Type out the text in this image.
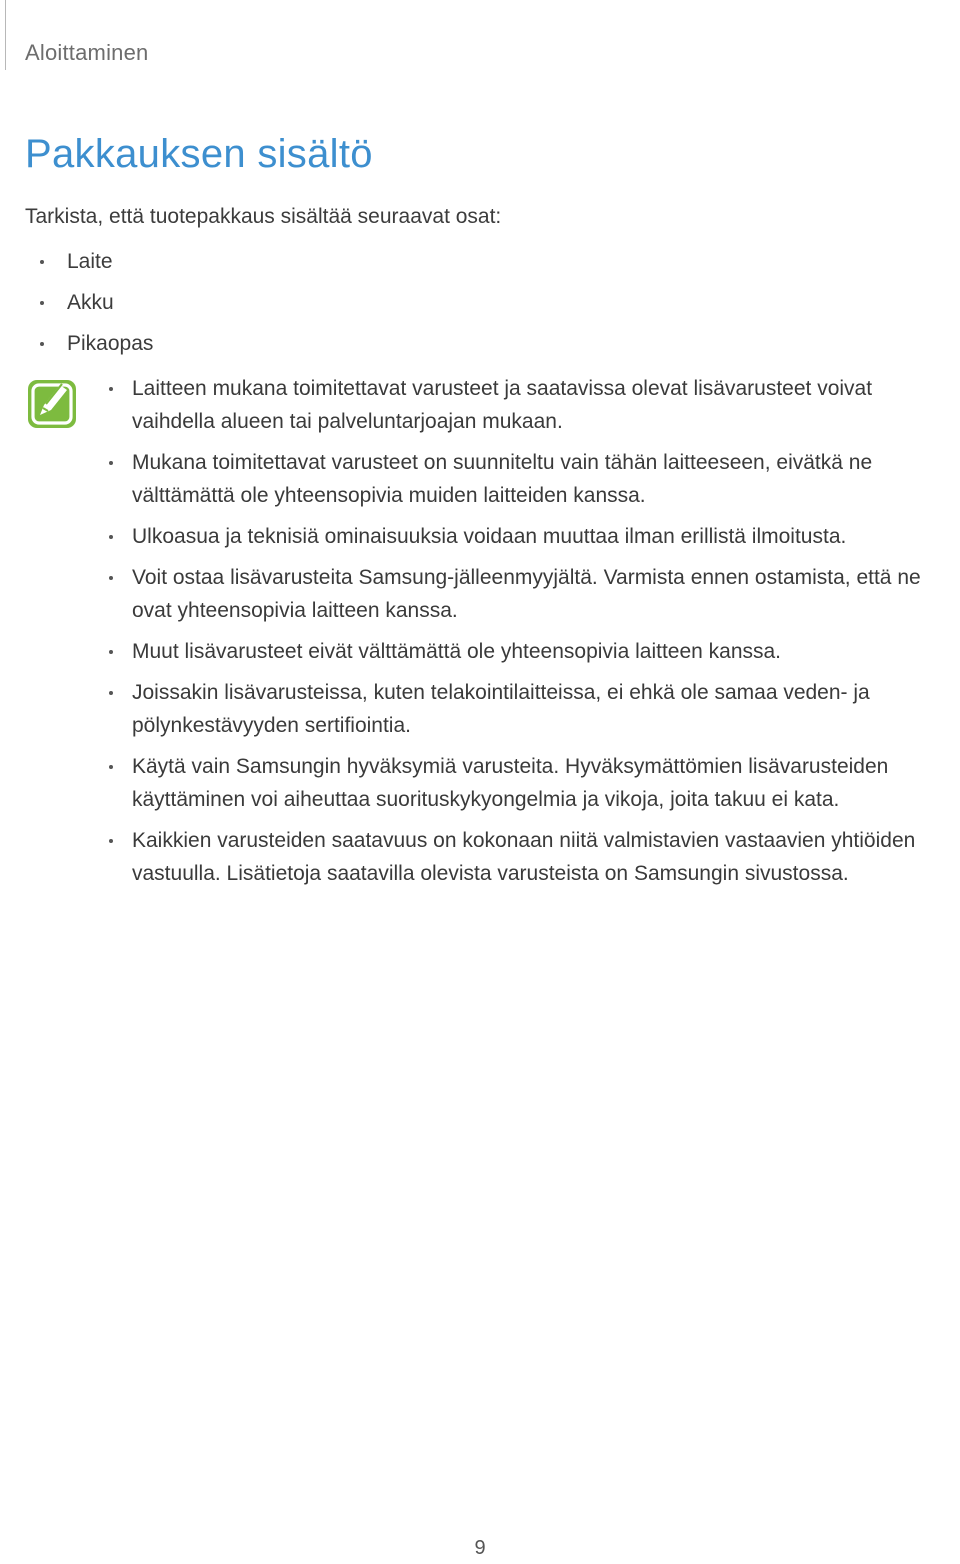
Aloittaminen
Pakkauksen sisältö
Tarkista, että tuotepakkaus sisältää seuraavat osat:
Laite
Akku
Pikaopas
Laitteen mukana toimitettavat varusteet ja saatavissa olevat lisävarusteet voivat vaihdella alueen tai palveluntarjoajan mukaan.
Mukana toimitettavat varusteet on suunniteltu vain tähän laitteeseen, eivätkä ne välttämättä ole yhteensopivia muiden laitteiden kanssa.
Ulkoasua ja teknisiä ominaisuuksia voidaan muuttaa ilman erillistä ilmoitusta.
Voit ostaa lisävarusteita Samsung-jälleenmyyjältä. Varmista ennen ostamista, että ne ovat yhteensopivia laitteen kanssa.
Muut lisävarusteet eivät välttämättä ole yhteensopivia laitteen kanssa.
Joissakin lisävarusteissa, kuten telakointilaitteissa, ei ehkä ole samaa veden- ja pölynkestävyyden sertifiointia.
Käytä vain Samsungin hyväksymiä varusteita. Hyväksymättömien lisävarusteiden käyttäminen voi aiheuttaa suorituskykyongelmia ja vikoja, joita takuu ei kata.
Kaikkien varusteiden saatavuus on kokonaan niitä valmistavien vastaavien yhtiöiden vastuulla. Lisätietoja saatavilla olevista varusteista on Samsungin sivustossa.
9
